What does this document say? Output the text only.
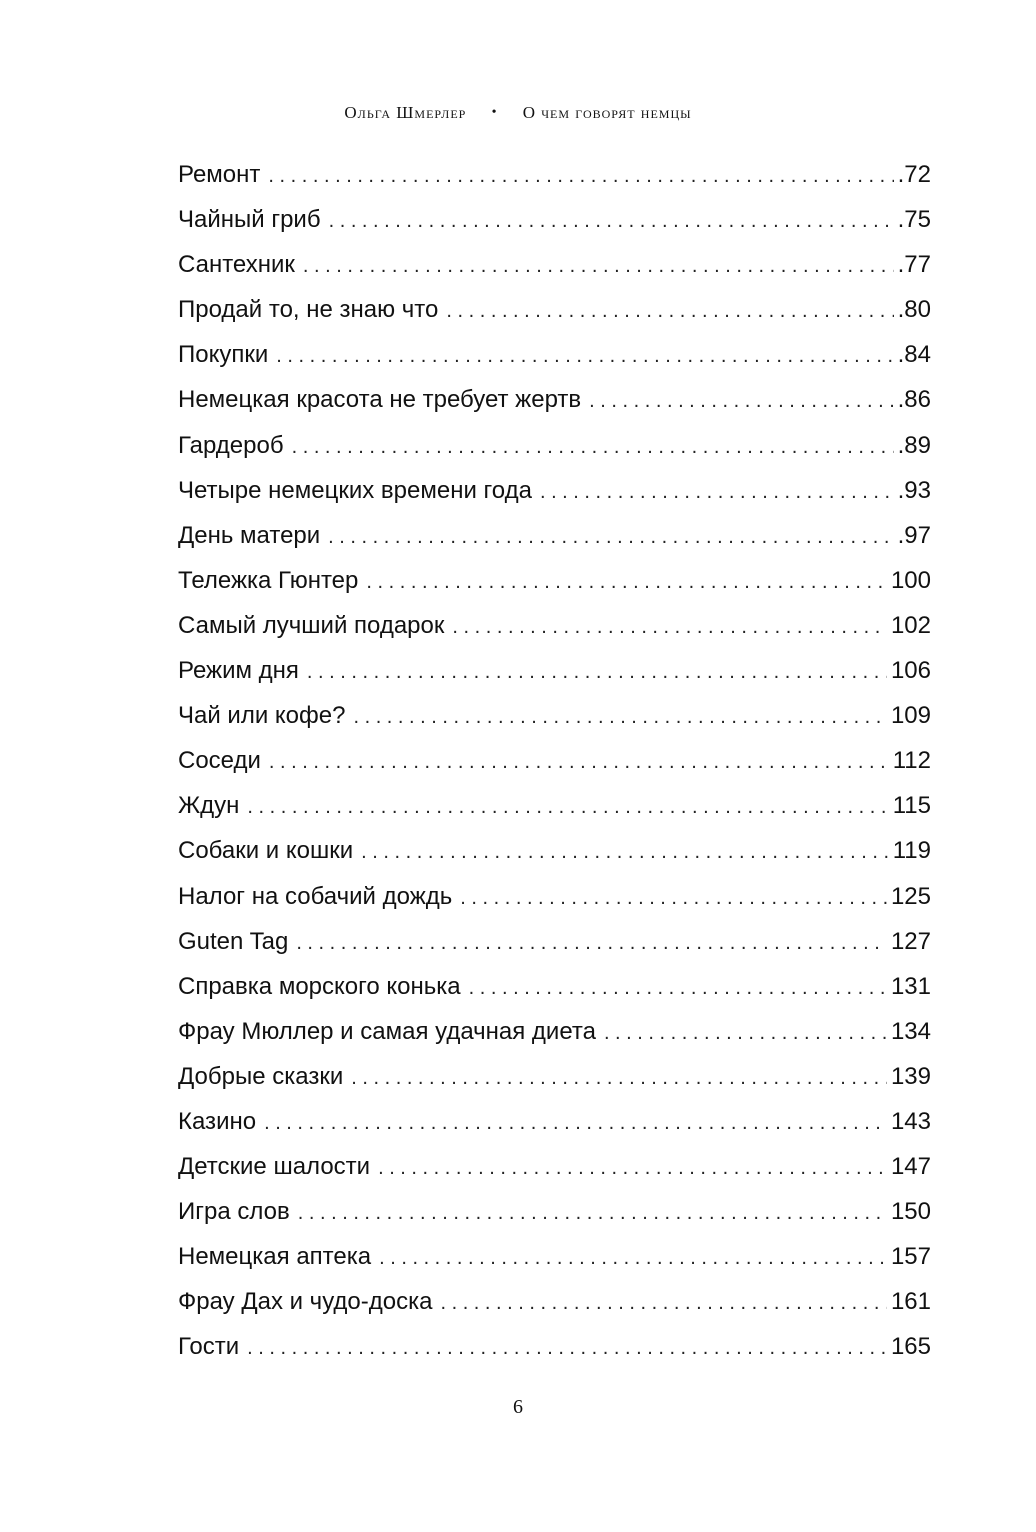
Ольга Шмерлер • О чем говорят немцы
Ремонт . . .	.72
Чайный гриб . . .	.75
Сантехник . . .	.77
Продай то, не знаю что . . .	.80
Покупки . . .	.84
Немецкая красота не требует жертв . . .	.86
Гардероб . . .	.89
Четыре немецких времени года . . .	.93
День матери . . .	.97
Тележка Гюнтер . . .	100
Самый лучший подарок . . .	102
Режим дня . . .	106
Чай или кофе? . . .	109
Соседи . . .	112
Ждун . . .	115
Собаки и кошки . . .	119
Налог на собачий дождь . . .	125
Guten Tag . . .	127
Справка морского конька . . .	131
Фрау Мюллер и самая удачная диета . . .	134
Добрые сказки . . .	139
Казино . . .	143
Детские шалости . . .	147
Игра слов . . .	150
Немецкая аптека . . .	157
Фрау Дах и чудо-доска . . .	161
Гости . . .	165
6
